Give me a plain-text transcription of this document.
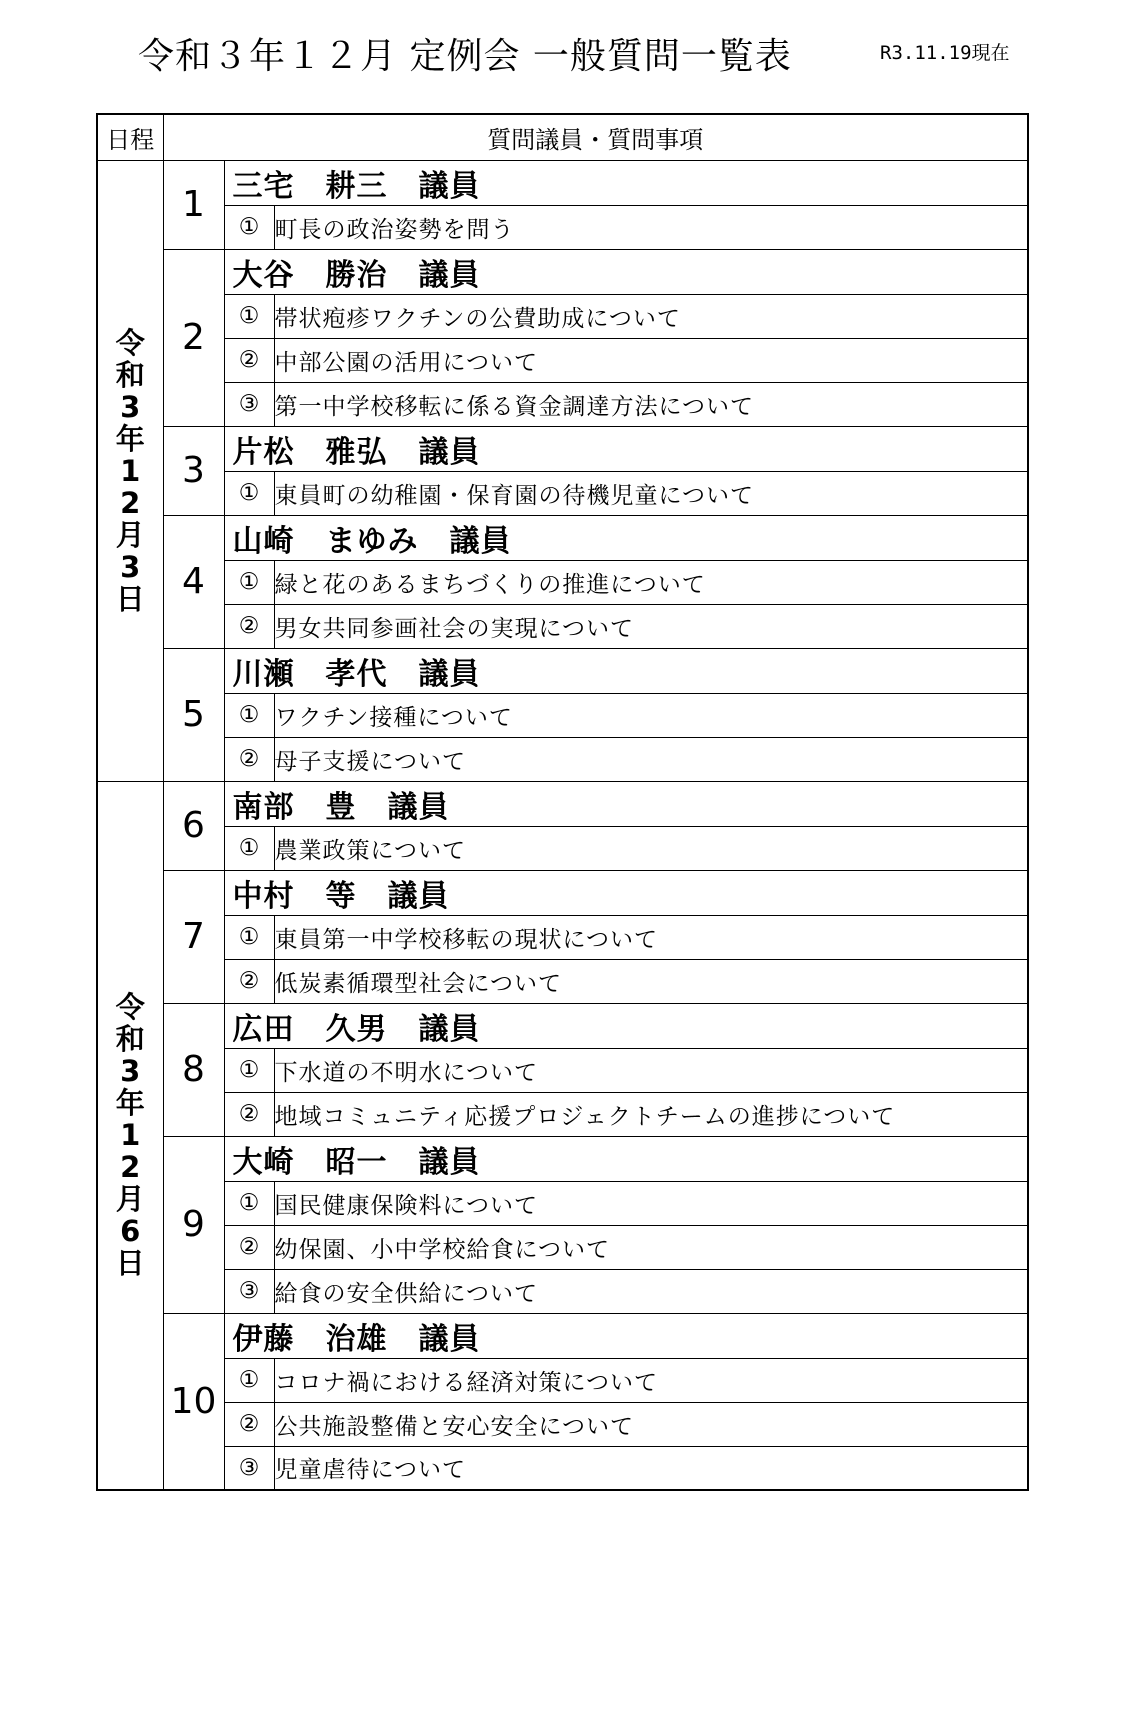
令和３年１２月 定例会 一般質問一覧表	R3.11.19現在
日程	質問議員・質問事項		
令和3年12月3日	1	三宅　耕三　議員	
		①	町長の政治姿勢を問う
	2	大谷　勝治　議員	
		①	帯状疱疹ワクチンの公費助成について
		②	中部公園の活用について
		③	第一中学校移転に係る資金調達方法について
	3	片松　雅弘　議員	
		①	東員町の幼稚園・保育園の待機児童について
	4	山崎　まゆみ　議員	
		①	緑と花のあるまちづくりの推進について
		②	男女共同参画社会の実現について
	5	川瀬　孝代　議員	
		①	ワクチン接種について
		②	母子支援について
令和3年12月6日	6	南部　豊　議員	
		①	農業政策について
	7	中村　等　議員	
		①	東員第一中学校移転の現状について
		②	低炭素循環型社会について
	8	広田　久男　議員	
		①	下水道の不明水について
		②	地域コミュニティ応援プロジェクトチームの進捗について
	9	大崎　昭一　議員	
		①	国民健康保険料について
		②	幼保園、小中学校給食について
		③	給食の安全供給について
	10	伊藤　治雄　議員	
		①	コロナ禍における経済対策について
		②	公共施設整備と安心安全について
		③	児童虐待について
